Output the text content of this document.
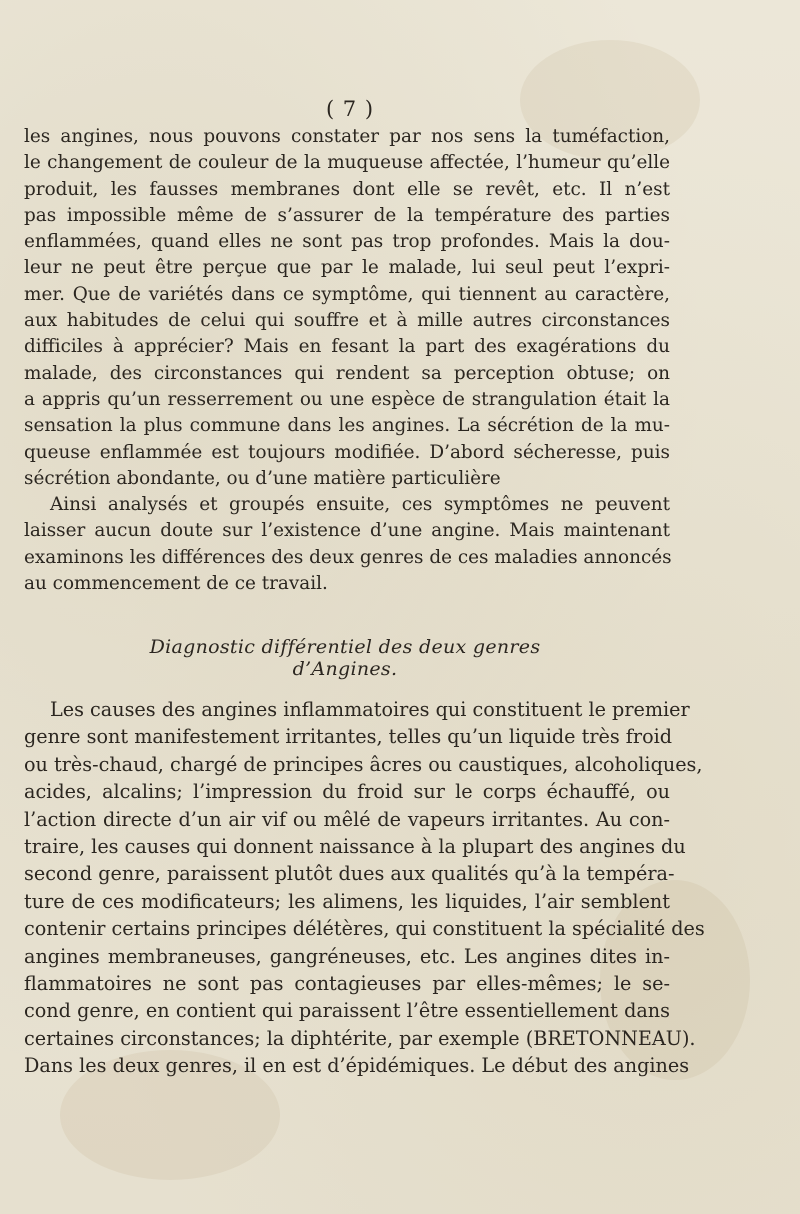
( 7 )
les angines, nous pouvons constater par nos sens la tuméfaction,
le changement de couleur de la muqueuse affectée, l’humeur qu’elle
produit, les fausses membranes dont elle se revêt, etc. Il n’est
pas impossible même de s’assurer de la température des parties
enflammées, quand elles ne sont pas trop profondes. Mais la dou-
leur ne peut être perçue que par le malade, lui seul peut l’expri-
mer. Que de variétés dans ce symptôme, qui tiennent au caractère,
aux habitudes de celui qui souffre et à mille autres circonstances
difficiles à apprécier? Mais en fesant la part des exagérations du
malade, des circonstances qui rendent sa perception obtuse; on
a appris qu’un resserrement ou une espèce de strangulation était la
sensation la plus commune dans les angines. La sécrétion de la mu-
queuse enflammée est toujours modifiée. D’abord sécheresse, puis
sécrétion abondante, ou d’une matière particulière
Ainsi analysés et groupés ensuite, ces symptômes ne peuvent
laisser aucun doute sur l’existence d’une angine. Mais maintenant
examinons les différences des deux genres de ces maladies annoncés
au commencement de ce travail.
Diagnostic différentiel des deux genres d’Angines.
Les causes des angines inflammatoires qui constituent le premier
genre sont manifestement irritantes, telles qu’un liquide très froid
ou très-chaud, chargé de principes âcres ou caustiques, alcoholiques,
acides, alcalins; l’impression du froid sur le corps échauffé, ou
l’action directe d’un air vif ou mêlé de vapeurs irritantes. Au con-
traire, les causes qui donnent naissance à la plupart des angines du
second genre, paraissent plutôt dues aux qualités qu’à la tempéra-
ture de ces modificateurs; les alimens, les liquides, l’air semblent
contenir certains principes délétères, qui constituent la spécialité des
angines membraneuses, gangréneuses, etc. Les angines dites in-
flammatoires ne sont pas contagieuses par elles-mêmes; le se-
cond genre, en contient qui paraissent l’être essentiellement dans
certaines circonstances; la diphtérite, par exemple (BRETONNEAU).
Dans les deux genres, il en est d’épidémiques. Le début des angines
